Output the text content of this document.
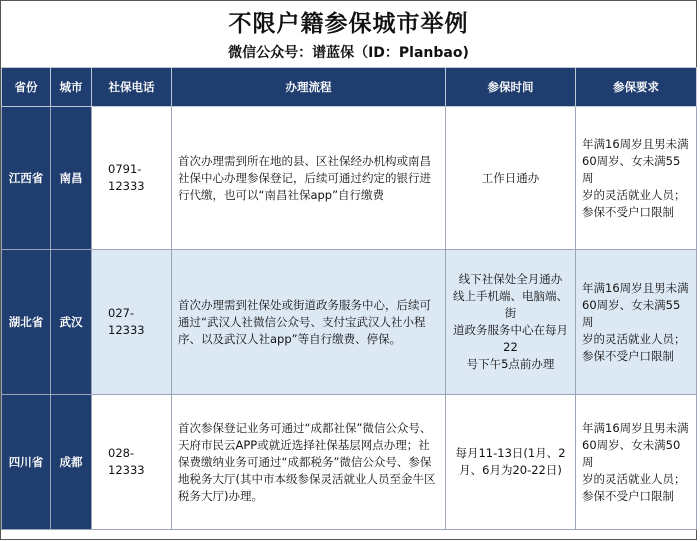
不限户籍参保城市举例
微信公众号：谱蓝保（ID：Planbao)
省份	城市	社保电话	办理流程	参保时间	参保要求
江西省	南昌	0791-
12333	首次办理需到所在地的县、区社保经办机构或南昌社保中心办理参保登记，后续可通过约定的银行进行代缴，也可以“南昌社保app”自行缴费	工作日通办	年满16周岁且男未满
60周岁、女未满55周
岁的灵活就业人员；
参保不受户口限制

湖北省	武汉	027-
12333	首次办理需到社保处或街道政务服务中心，后续可通过“武汉人社微信公众号、支付宝武汉人社小程序、以及武汉人社app”等自行缴费、停保。	线下社保处全月通办
线上手机端、电脑端、街
道政务服务中心在每月22
号下午5点前办理	年满16周岁且男未满
60周岁、女未满55周
岁的灵活就业人员；
参保不受户口限制

四川省	成都	028-
12333	首次参保登记业务可通过“成都社保”微信公众号、天府市民云APP或就近选择社保基层网点办理；社保费缴纳业务可通过“成都税务”微信公众号、参保地税务大厅(其中市本级参保灵活就业人员至金牛区税务大厅)办理。	每月11-13日(1月、2月、6月为20-22日)	年满16周岁且男未满
60周岁、女未满50周
岁的灵活就业人员；
参保不受户口限制
